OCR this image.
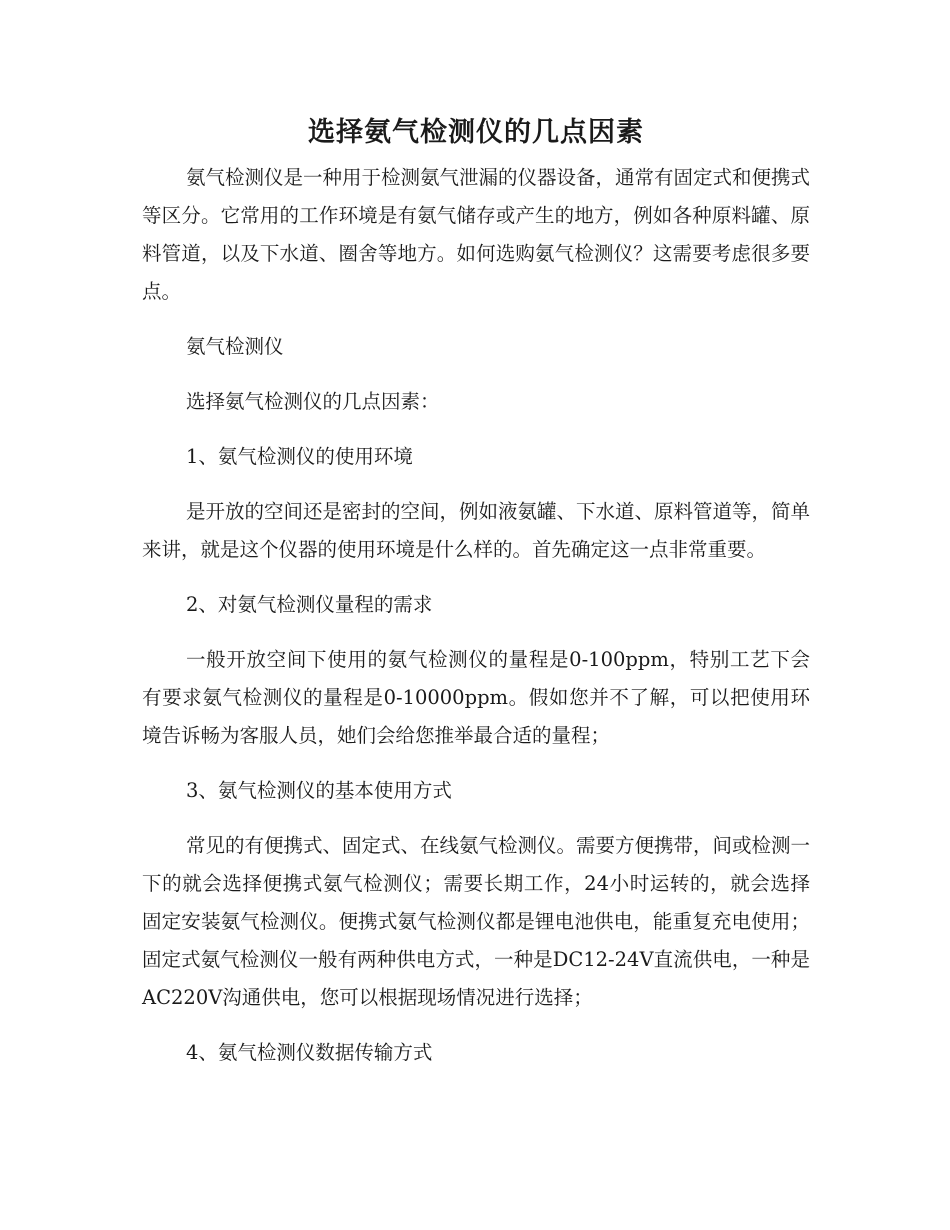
选择氨气检测仪的几点因素

氨气检测仪是一种用于检测氨气泄漏的仪器设备，通常有固定式和便携式等区分。它常用的工作环境是有氨气储存或产生的地方，例如各种原料罐、原料管道，以及下水道、圈舍等地方。如何选购氨气检测仪？这需要考虑很多要点。

氨气检测仪

选择氨气检测仪的几点因素：

1、氨气检测仪的使用环境

是开放的空间还是密封的空间，例如液氨罐、下水道、原料管道等，简单来讲，就是这个仪器的使用环境是什么样的。首先确定这一点非常重要。

2、对氨气检测仪量程的需求

一般开放空间下使用的氨气检测仪的量程是0-100ppm，特别工艺下会有要求氨气检测仪的量程是0-10000ppm。假如您并不了解，可以把使用环境告诉畅为客服人员，她们会给您推举最合适的量程；

3、氨气检测仪的基本使用方式

常见的有便携式、固定式、在线氨气检测仪。需要方便携带，间或检测一下的就会选择便携式氨气检测仪；需要长期工作，24小时运转的，就会选择固定安装氨气检测仪。便携式氨气检测仪都是锂电池供电，能重复充电使用；固定式氨气检测仪一般有两种供电方式，一种是DC12-24V直流供电，一种是AC220V沟通供电，您可以根据现场情况进行选择；

4、氨气检测仪数据传输方式
